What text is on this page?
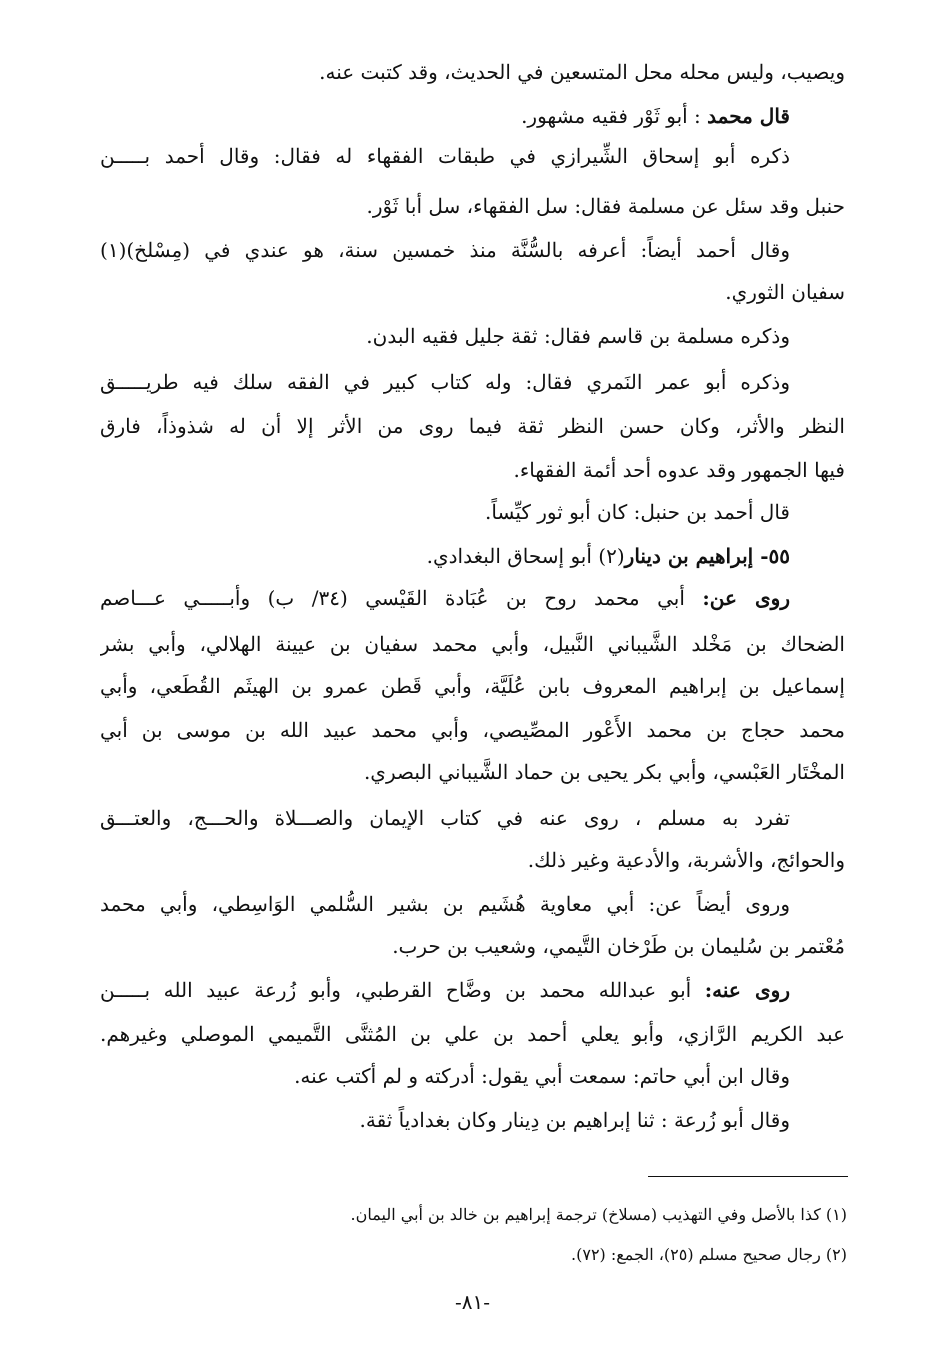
ويصيب، وليس محله محل المتسعين في الحديث، وقد كتبت عنه.
قال محمد : أبو ثَوْر فقيه مشهور.
ذكره أبو إسحاق الشِّيرازي في طبقات الفقهاء له فقال: وقال أحمد بـــــن
حنبل وقد سئل عن مسلمة فقال: سل الفقهاء، سل أبا ثَوْر.
وقال أحمد أيضاً: أعرفه بالسُّنَّة منذ خمسين سنة، هو عندي في (مِسْلخ)(١)
سفيان الثوري.
وذكره مسلمة بن قاسم فقال: ثقة جليل فقيه البدن.
وذكره أبو عمر النَمري فقال: وله كتاب كبير في الفقه سلك فيه طريـــــق
النظر والأثر، وكان حسن النظر ثقة فيما روى من الأثر إلا أن له شذوذاً، فارق
فيها الجمهور وقد عدوه أحد أئمة الفقهاء.
قال أحمد بن حنبل: كان أبو ثور كيِّساً.
٥٥- إبراهيم بن دينار(٢) أبو إسحاق البغدادي.
روى عن: أبي محمد روح بن عُبَادة القَيْسي (٣٤/ ب) وأبـــــي عـــاصم
الضحاك بن مَخْلد الشَّيباني النَّبيل، وأبي محمد سفيان بن عيينة الهلالي، وأبي بشر
إسماعيل بن إبراهيم المعروف بابن عُلَيَّة، وأبي قَطن عمرو بن الهيثَم القُطَعي، وأبي
محمد حجاج بن محمد الأَعْور المصِّيصي، وأبي محمد عبيد الله بن موسى بن أبي
المخْتَار العَبْسي، وأبي بكر يحيى بن حماد الشَّيباني البصري.
تفرد به مسلم ، روى عنه في كتاب الإيمان والصـــلاة والحـــج، والعتـــق
والحوائج، والأشربة، والأدعية وغير ذلك.
وروى أيضاً عن: أبي معاوية هُشَيم بن بشير السُّلمي الوَاسِطي، وأبي محمد
مُعْتمر بن سُليمان بن طَرْخان التَّيمي، وشعيب بن حرب.
روى عنه: أبو عبدالله محمد بن وضَّاح القرطبي، وأبو زُرعة عبيد الله بـــــن
عبد الكريم الرَّازي، وأبو يعلي أحمد بن علي بن المُثنَّى التَّميمي الموصلي وغيرهم.
وقال ابن أبي حاتم: سمعت أبي يقول: أدركته و لم أكتب عنه.
وقال أبو زُرعة : ثنا إبراهيم بن دِينار وكان بغدادياً ثقة.
(١) كذا بالأصل وفي التهذيب (مسلاخ) ترجمة إبراهيم بن خالد بن أبي اليمان.
(٢) رجال صحيح مسلم (٢٥)، الجمع: (٧٢).
-٨١-
